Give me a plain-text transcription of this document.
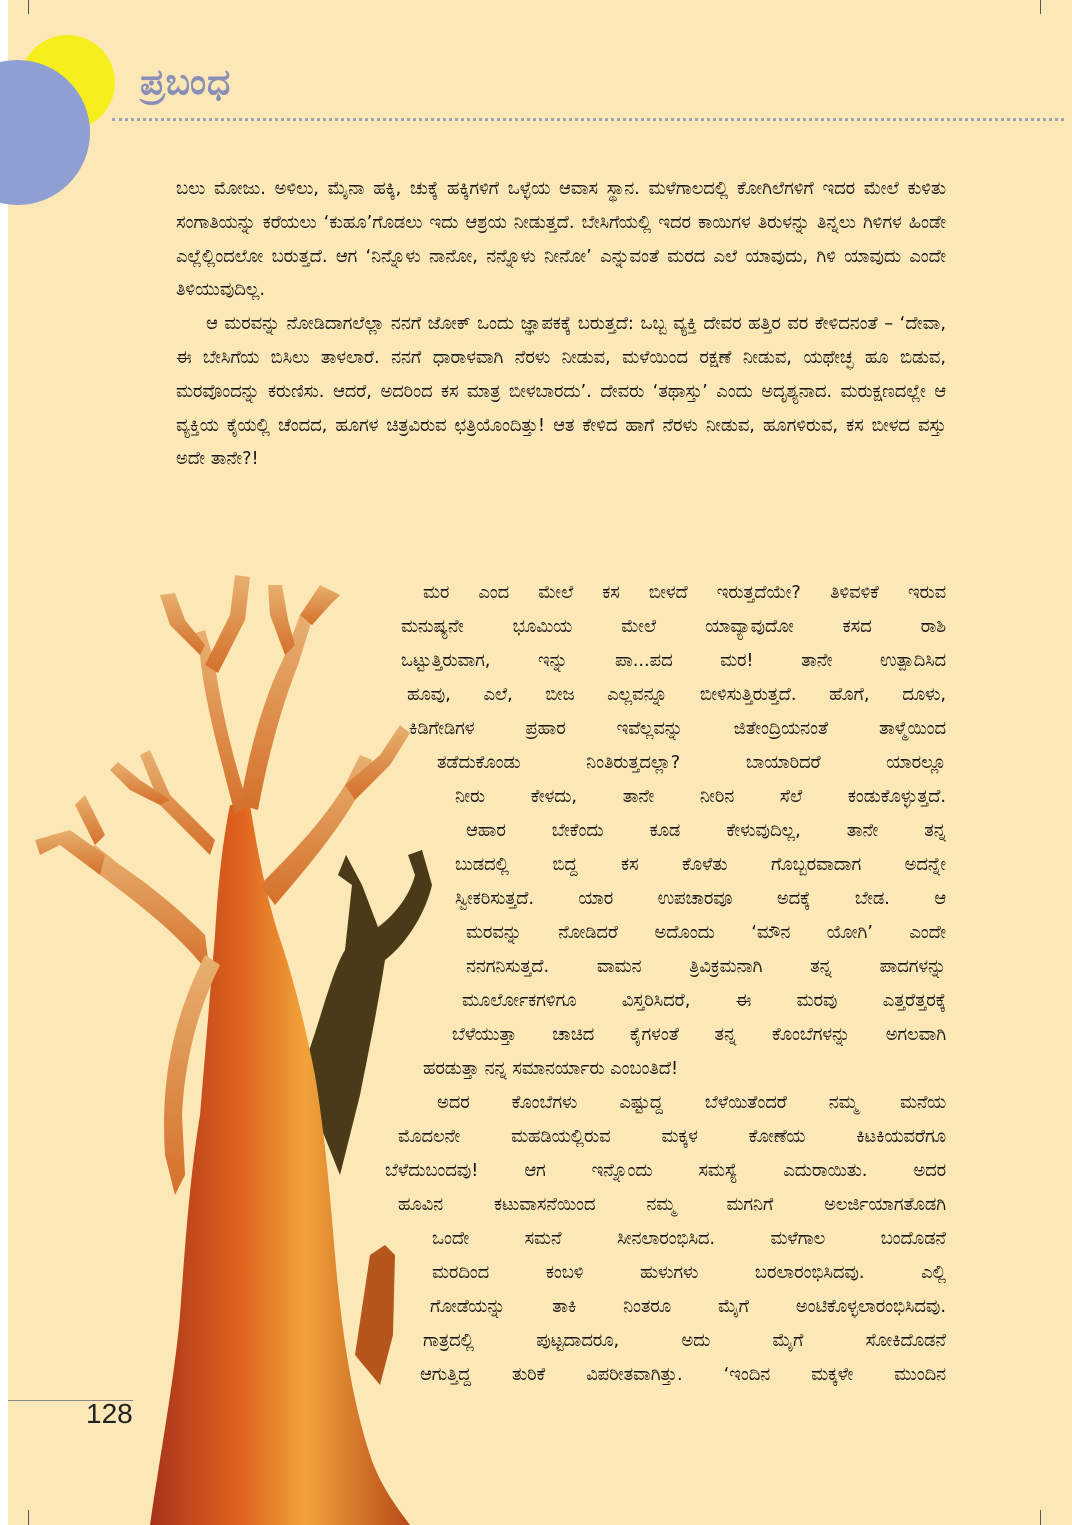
ಪ್ರಬಂಧ

ಬಲು ಮೋಜು. ಅಳಿಲು, ಮೈನಾ ಹಕ್ಕಿ, ಚುಕ್ಕೆ ಹಕ್ಕಿಗಳಿಗೆ ಒಳ್ಳೆಯ ಆವಾಸ ಸ್ಥಾನ. ಮಳೆಗಾಲದಲ್ಲಿ ಕೋಗಿಲೆಗಳಿಗೆ ಇದರ ಮೇಲೆ ಕುಳಿತು ಸಂಗಾತಿಯನ್ನು ಕರೆಯಲು ‘ಕುಹೂ’ಗೊಡಲು ಇದು ಆಶ್ರಯ ನೀಡುತ್ತದೆ. ಬೇಸಿಗೆಯಲ್ಲಿ ಇದರ ಕಾಯಿಗಳ ತಿರುಳನ್ನು ತಿನ್ನಲು ಗಿಳಿಗಳ ಹಿಂಡೇ ಎಲ್ಲೆಲ್ಲಿಂದಲೋ ಬರುತ್ತದೆ. ಆಗ ‘ನಿನ್ನೊಳು ನಾನೋ, ನನ್ನೊಳು ನೀನೋ’ ಎನ್ನುವಂತೆ ಮರದ ಎಲೆ ಯಾವುದು, ಗಿಳಿ ಯಾವುದು ಎಂದೇ ತಿಳಿಯುವುದಿಲ್ಲ.

ಆ ಮರವನ್ನು ನೋಡಿದಾಗಲೆಲ್ಲಾ ನನಗೆ ಜೋಕ್ ಒಂದು ಜ್ಞಾಪಕಕ್ಕೆ ಬರುತ್ತದೆ: ಒಬ್ಬ ವ್ಯಕ್ತಿ ದೇವರ ಹತ್ತಿರ ವರ ಕೇಳಿದನಂತೆ – ‘ದೇವಾ, ಈ ಬೇಸಿಗೆಯ ಬಿಸಿಲು ತಾಳಲಾರೆ. ನನಗೆ ಧಾರಾಳವಾಗಿ ನೆರಳು ನೀಡುವ, ಮಳೆಯಿಂದ ರಕ್ಷಣೆ ನೀಡುವ, ಯಥೇಚ್ಛ ಹೂ ಬಿಡುವ, ಮರವೊಂದನ್ನು ಕರುಣಿಸು. ಆದರೆ, ಅದರಿಂದ ಕಸ ಮಾತ್ರ ಬೀಳಬಾರದು’. ದೇವರು ‘ತಥಾಸ್ತು’ ಎಂದು ಅದೃಶ್ಯನಾದ. ಮರುಕ್ಷಣದಲ್ಲೇ ಆ ವ್ಯಕ್ತಿಯ ಕೈಯಲ್ಲಿ ಚೆಂದದ, ಹೂಗಳ ಚಿತ್ರವಿರುವ ಛತ್ರಿಯೊಂದಿತ್ತು! ಆತ ಕೇಳಿದ ಹಾಗೆ ನೆರಳು ನೀಡುವ, ಹೂಗಳಿರುವ, ಕಸ ಬೀಳದ ವಸ್ತು ಅದೇ ತಾನೇ?!

ಮರ ಎಂದ ಮೇಲೆ ಕಸ ಬೀಳದೆ ಇರುತ್ತದೆಯೇ? ತಿಳಿವಳಿಕೆ ಇರುವ
ಮನುಷ್ಯನೇ ಭೂಮಿಯ ಮೇಲೆ ಯಾವ್ಯಾವುದೋ ಕಸದ ರಾಶಿ
ಒಟ್ಟುತ್ತಿರುವಾಗ, ಇನ್ನು ಪಾ...ಪದ ಮರ! ತಾನೇ ಉತ್ಪಾದಿಸಿದ
ಹೂವು, ಎಲೆ, ಬೀಜ ಎಲ್ಲವನ್ನೂ ಬೀಳಿಸುತ್ತಿರುತ್ತದೆ. ಹೊಗೆ, ದೂಳು,
ಕಿಡಿಗೇಡಿಗಳ ಪ್ರಹಾರ ಇವೆಲ್ಲವನ್ನು ಜಿತೇಂದ್ರಿಯನಂತೆ ತಾಳ್ಮೆಯಿಂದ
ತಡೆದುಕೊಂಡು ನಿಂತಿರುತ್ತದಲ್ಲಾ? ಬಾಯಾರಿದರೆ ಯಾರಲ್ಲೂ
ನೀರು ಕೇಳದು, ತಾನೇ ನೀರಿನ ಸೆಲೆ ಕಂಡುಕೊಳ್ಳುತ್ತದೆ.
ಆಹಾರ ಬೇಕೆಂದು ಕೂಡ ಕೇಳುವುದಿಲ್ಲ, ತಾನೇ ತನ್ನ
ಬುಡದಲ್ಲಿ ಬಿದ್ದ ಕಸ ಕೊಳೆತು ಗೊಬ್ಬರವಾದಾಗ ಅದನ್ನೇ
ಸ್ವೀಕರಿಸುತ್ತದೆ. ಯಾರ ಉಪಚಾರವೂ ಅದಕ್ಕೆ ಬೇಡ. ಆ
ಮರವನ್ನು ನೋಡಿದರೆ ಅದೊಂದು ‘ಮೌನ ಯೋಗಿ’ ಎಂದೇ
ನನಗನಿಸುತ್ತದೆ. ವಾಮನ ತ್ರಿವಿಕ್ರಮನಾಗಿ ತನ್ನ ಪಾದಗಳನ್ನು
ಮೂರ್ಲೋಕಗಳಿಗೂ ವಿಸ್ತರಿಸಿದರೆ, ಈ ಮರವು ಎತ್ತರೆತ್ತರಕ್ಕೆ
ಬೆಳೆಯುತ್ತಾ ಚಾಚಿದ ಕೈಗಳಂತೆ ತನ್ನ ಕೊಂಬೆಗಳನ್ನು ಅಗಲವಾಗಿ
ಹರಡುತ್ತಾ ನನ್ನ ಸಮಾನರ್ಯಾರು ಎಂಬಂತಿದೆ!
ಅದರ ಕೊಂಬೆಗಳು ಎಷ್ಟುದ್ದ ಬೆಳೆಯಿತೆಂದರೆ ನಮ್ಮ ಮನೆಯ
ಮೊದಲನೇ ಮಹಡಿಯಲ್ಲಿರುವ ಮಕ್ಕಳ ಕೋಣೆಯ ಕಿಟಕಿಯವರೆಗೂ
ಬೆಳೆದುಬಂದವು! ಆಗ ಇನ್ನೊಂದು ಸಮಸ್ಯೆ ಎದುರಾಯಿತು. ಅದರ
ಹೂವಿನ ಕಟುವಾಸನೆಯಿಂದ ನಮ್ಮ ಮಗನಿಗೆ ಅಲರ್ಜಿಯಾಗತೊಡಗಿ
ಒಂದೇ ಸಮನೆ ಸೀನಲಾರಂಭಿಸಿದ. ಮಳೆಗಾಲ ಬಂದೊಡನೆ
ಮರದಿಂದ ಕಂಬಳಿ ಹುಳುಗಳು ಬರಲಾರಂಭಿಸಿದವು. ಎಲ್ಲಿ
ಗೋಡೆಯನ್ನು ತಾಕಿ ನಿಂತರೂ ಮೈಗೆ ಅಂಟಿಕೊಳ್ಳಲಾರಂಭಿಸಿದವು.
ಗಾತ್ರದಲ್ಲಿ ಪುಟ್ಟದಾದರೂ, ಅದು ಮೈಗೆ ಸೋಕಿದೊಡನೆ
ಆಗುತ್ತಿದ್ದ ತುರಿಕೆ ವಿಪರೀತವಾಗಿತ್ತು. ‘ಇಂದಿನ ಮಕ್ಕಳೇ ಮುಂದಿನ
128
